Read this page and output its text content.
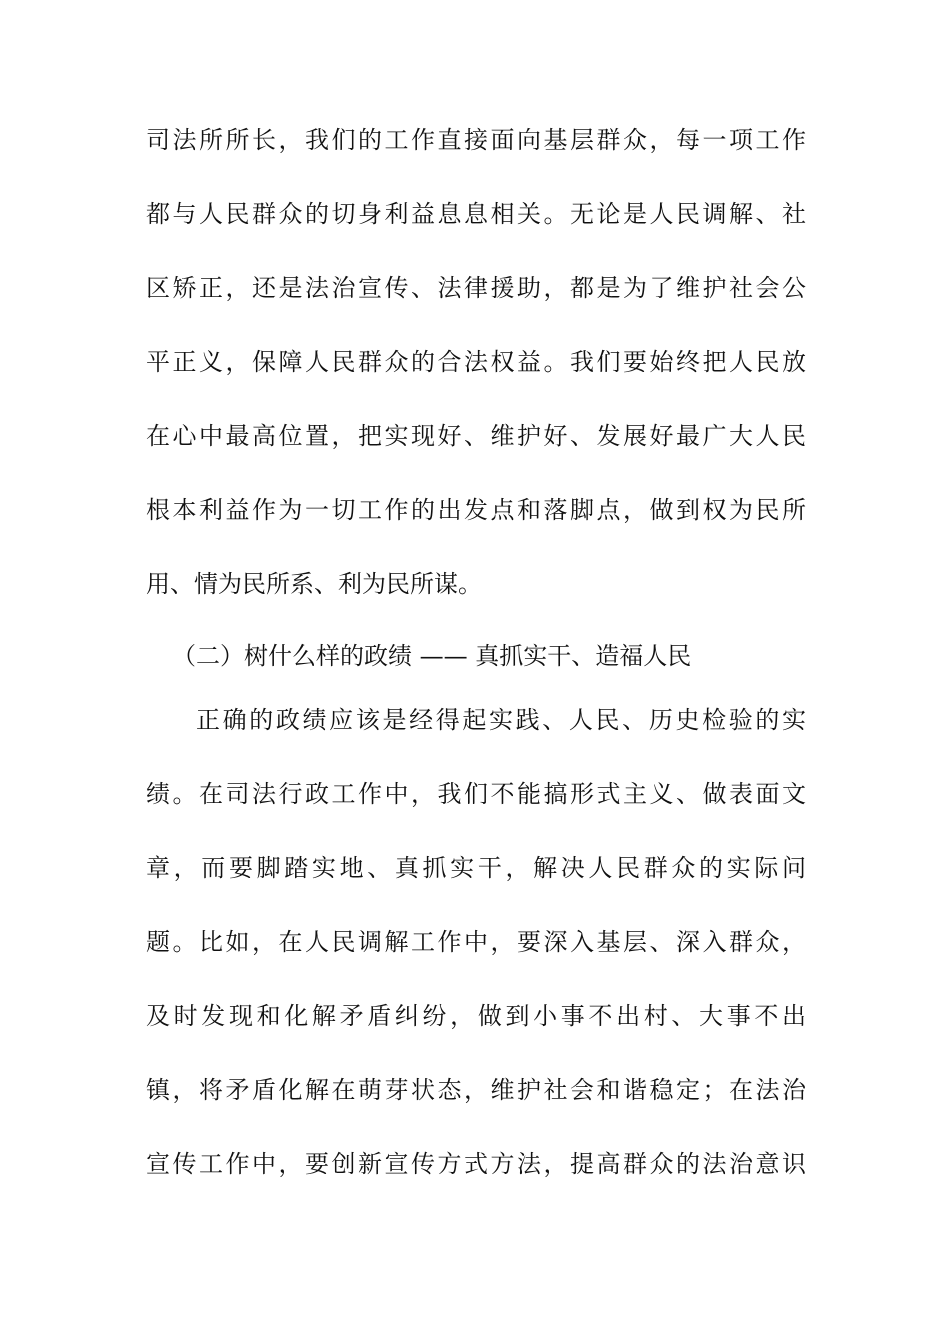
司法所所长，我们的工作直接面向基层群众，每一项工作
都与人民群众的切身利益息息相关。无论是人民调解、社
区矫正，还是法治宣传、法律援助，都是为了维护社会公
平正义，保障人民群众的合法权益。我们要始终把人民放
在心中最高位置，把实现好、维护好、发展好最广大人民
根本利益作为一切工作的出发点和落脚点，做到权为民所
用、情为民所系、利为民所谋。
（二）树什么样的政绩 —— 真抓实干、造福人民
正确的政绩应该是经得起实践、人民、历史检验的实
绩。在司法行政工作中，我们不能搞形式主义、做表面文
章，而要脚踏实地、真抓实干，解决人民群众的实际问
题。比如，在人民调解工作中，要深入基层、深入群众，
及时发现和化解矛盾纠纷，做到小事不出村、大事不出
镇，将矛盾化解在萌芽状态，维护社会和谐稳定；在法治
宣传工作中，要创新宣传方式方法，提高群众的法治意识
